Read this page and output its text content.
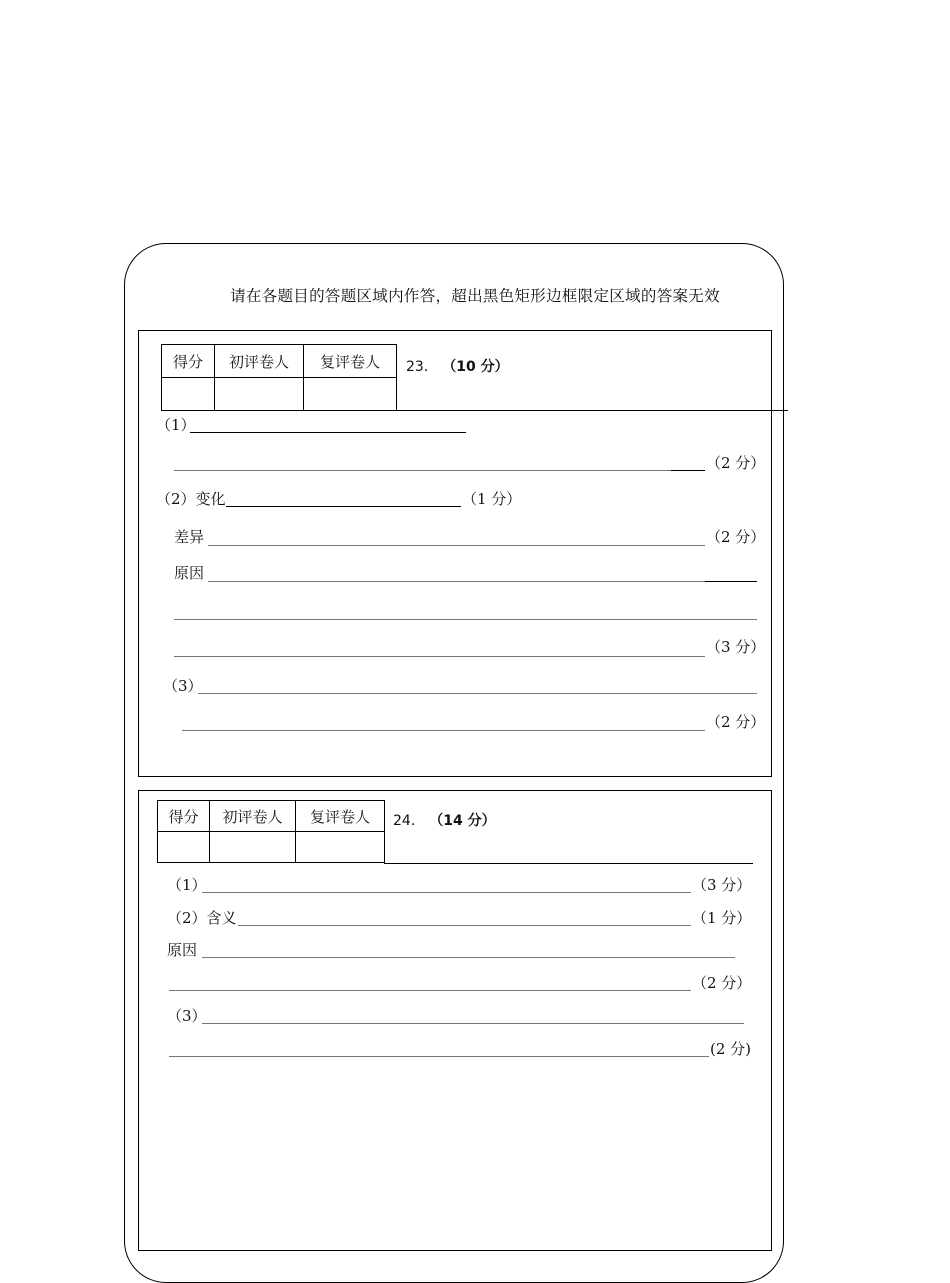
请在各题目的答题区域内作答，超出黑色矩形边框限定区域的答案无效
得分	初评卷人	复评卷人
		23． （10 分）
（1）
（2 分）
（2）变化	（1 分）
差异	（2 分）
原因
（3 分）
（3）
（2 分）
得分	初评卷人	复评卷人
		24． （14 分）
（1）	（3 分）
（2）含义	（1 分）
原因
（2 分）
（3）
(2 分)
